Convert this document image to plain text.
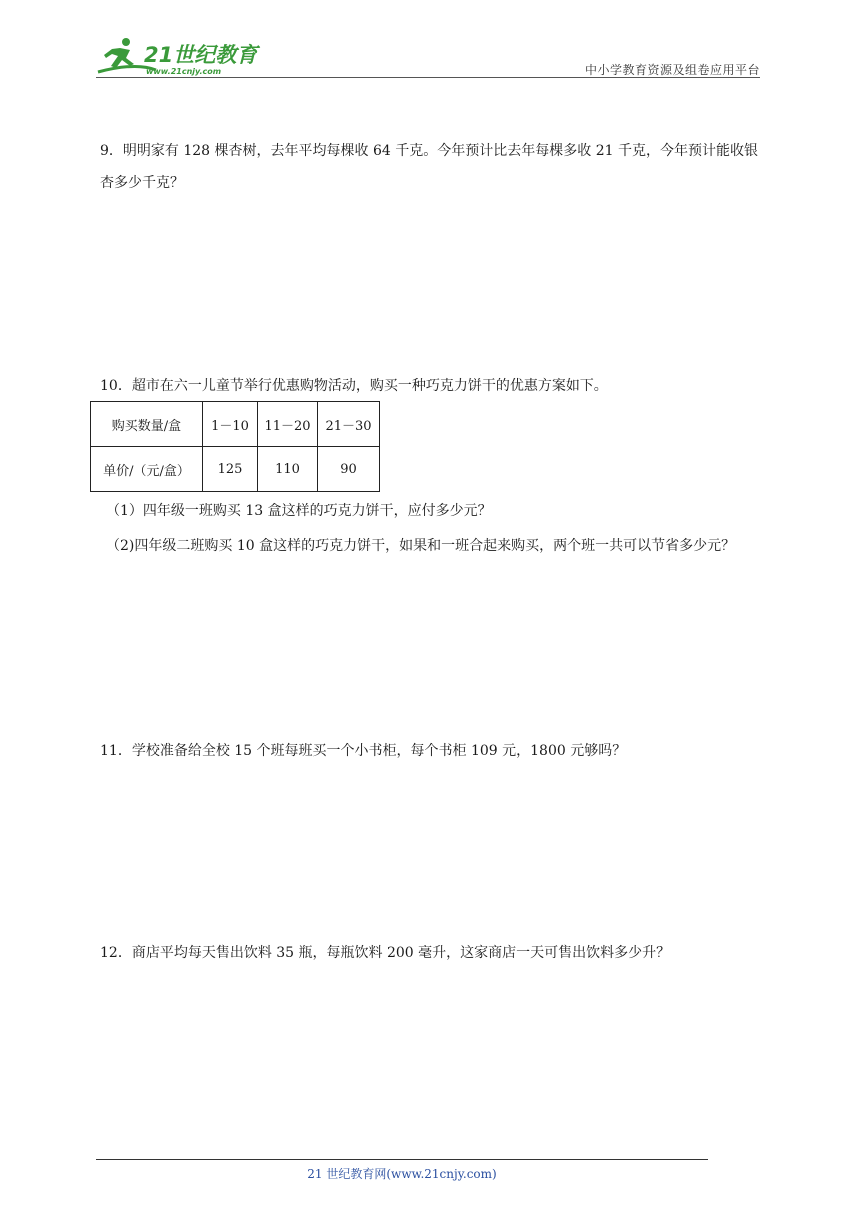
21世纪教育
www.21cnjy.com	中小学教育资源及组卷应用平台
9．明明家有 128 棵杏树，去年平均每棵收 64 千克。今年预计比去年每棵多收 21 千克，今年预计能收银杏多少千克？
10．超市在六一儿童节举行优惠购物活动，购买一种巧克力饼干的优惠方案如下。
购买数量/盒	1－10	11－20	21－30
单价/（元/盒）	125	110	90
（1）四年级一班购买 13 盒这样的巧克力饼干，应付多少元？
（2)四年级二班购买 10 盒这样的巧克力饼干，如果和一班合起来购买，两个班一共可以节省多少元？
11．学校准备给全校 15 个班每班买一个小书柜，每个书柜 109 元，1800 元够吗？
12．商店平均每天售出饮料 35 瓶，每瓶饮料 200 毫升，这家商店一天可售出饮料多少升？
21 世纪教育网(www.21cnjy.com)
